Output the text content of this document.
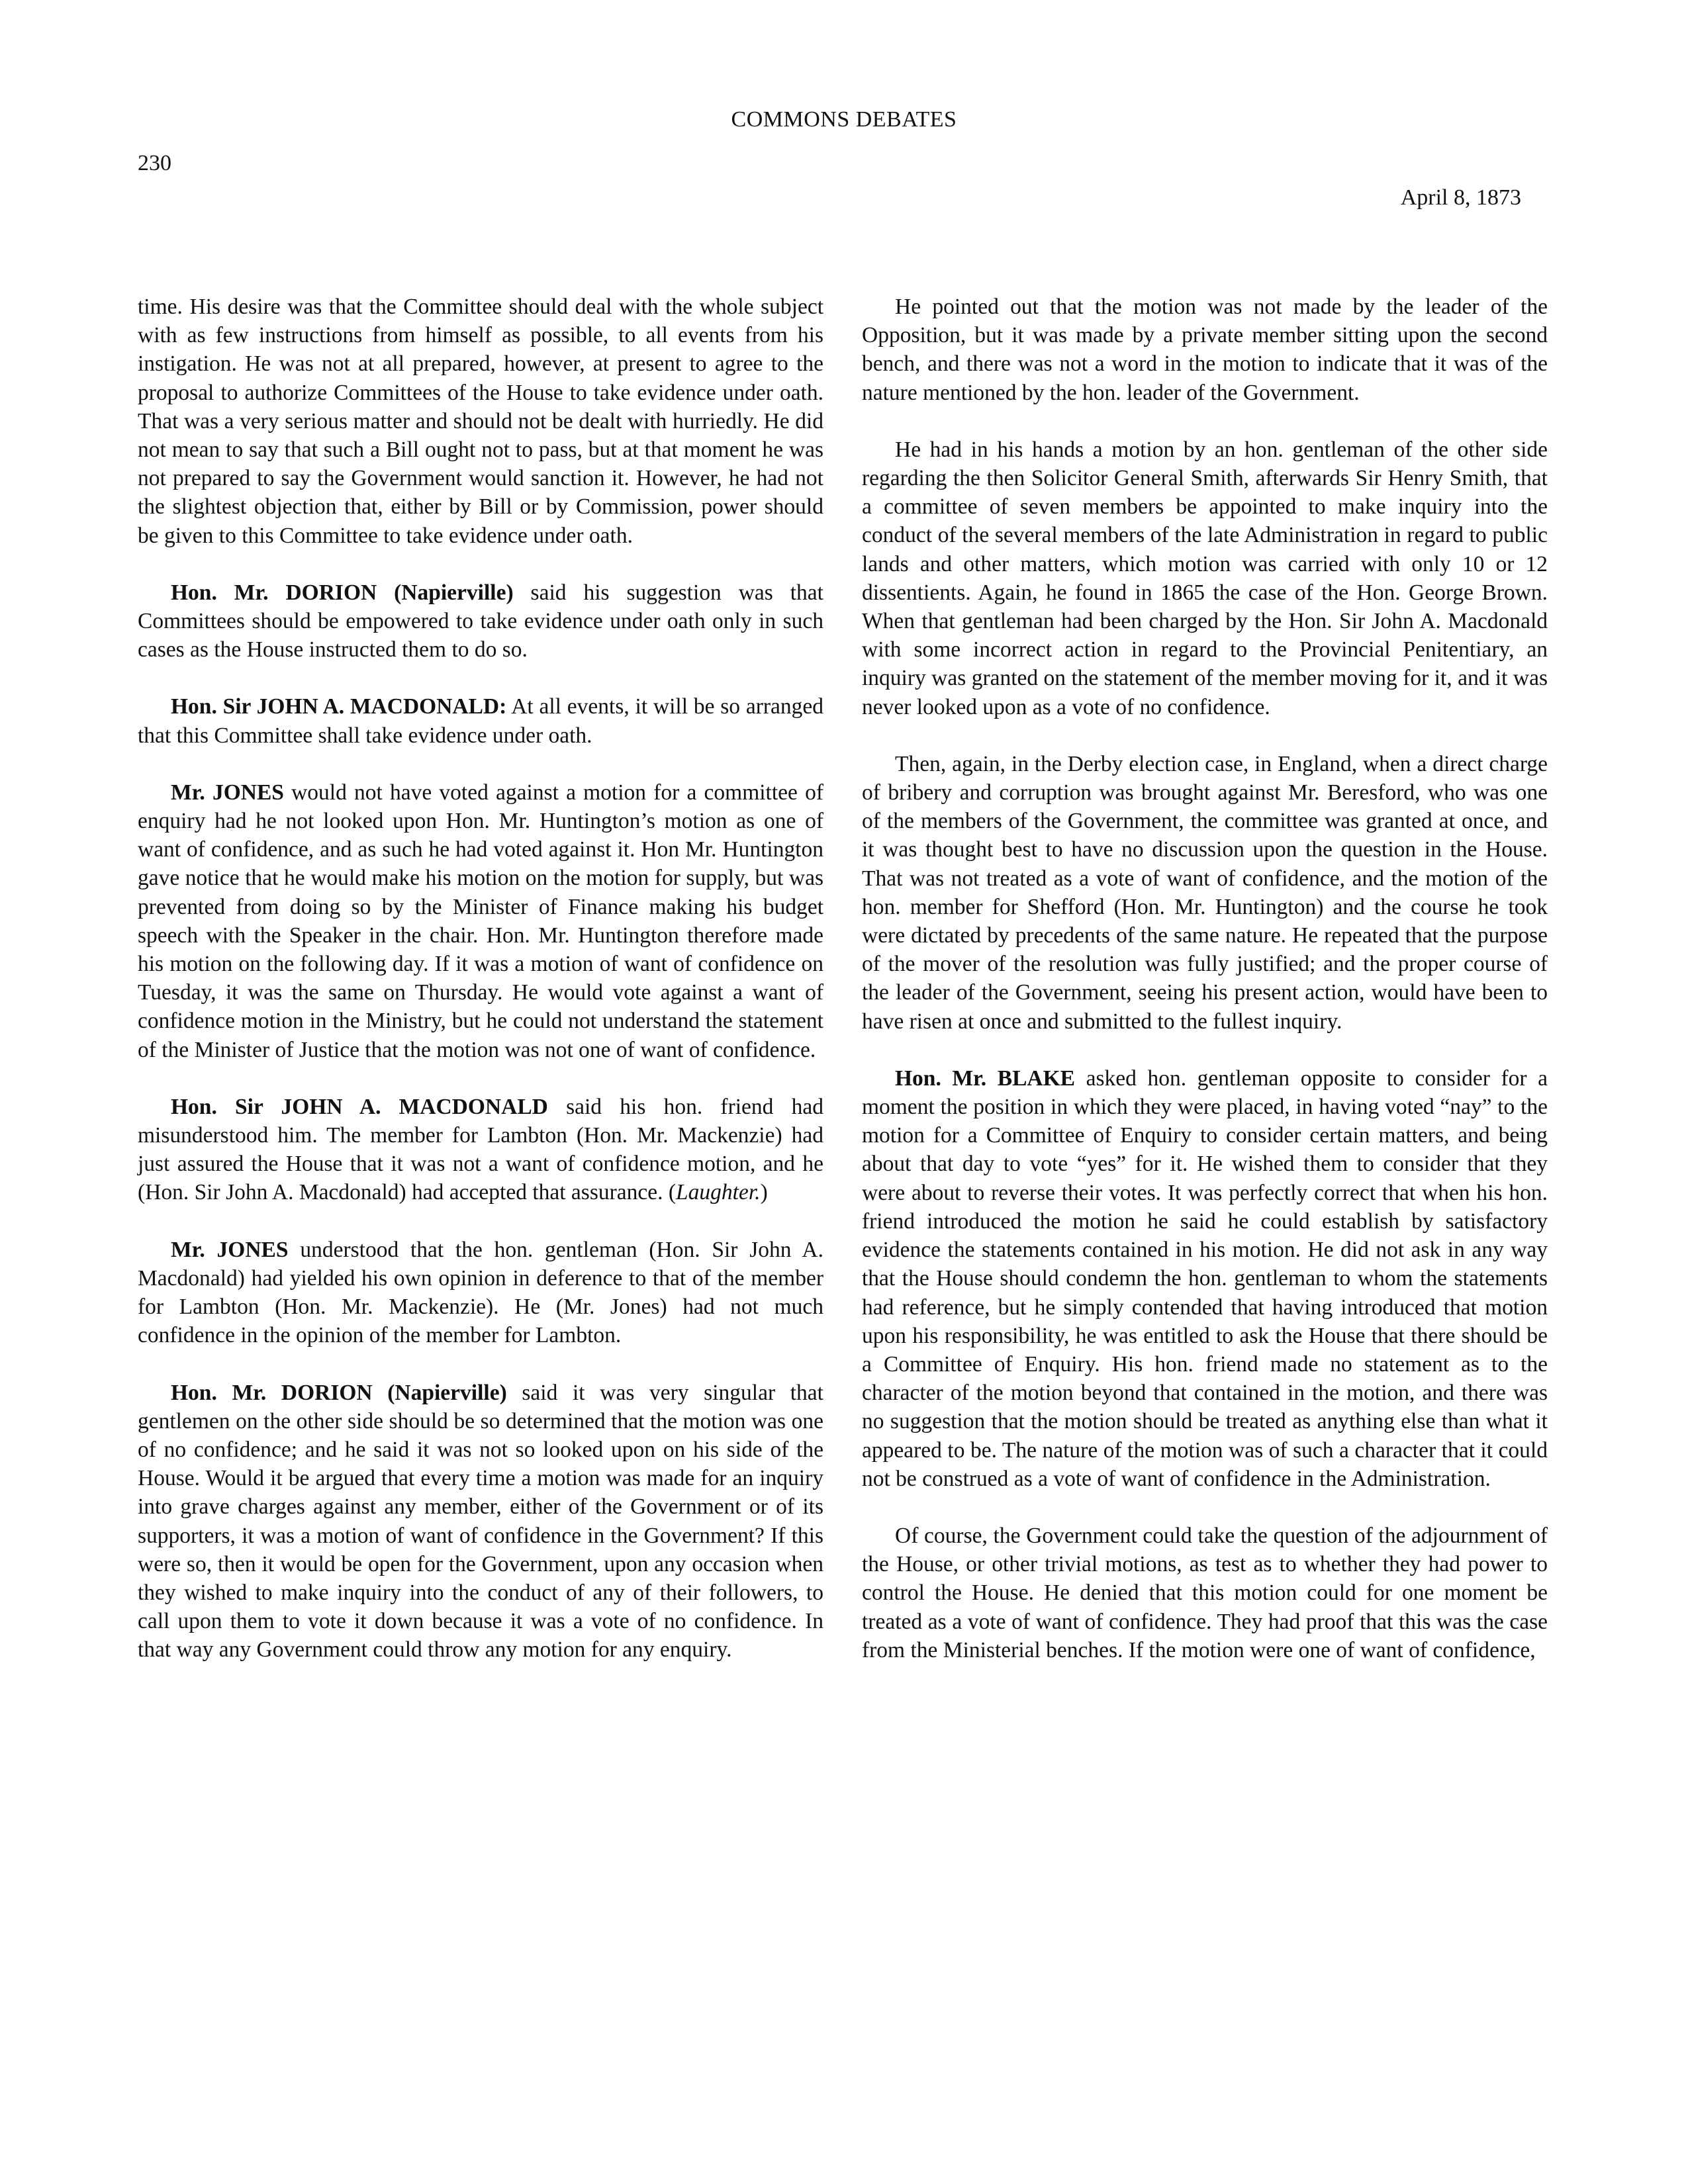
COMMONS DEBATES
230
April 8, 1873

time. His desire was that the Committee should deal with the whole subject with as few instructions from himself as possible, to all events from his instigation. He was not at all prepared, however, at present to agree to the proposal to authorize Committees of the House to take evidence under oath. That was a very serious matter and should not be dealt with hurriedly. He did not mean to say that such a Bill ought not to pass, but at that moment he was not prepared to say the Government would sanction it. However, he had not the slightest objection that, either by Bill or by Commission, power should be given to this Committee to take evidence under oath.

Hon. Mr. DORION (Napierville) said his suggestion was that Committees should be empowered to take evidence under oath only in such cases as the House instructed them to do so.

Hon. Sir JOHN A. MACDONALD: At all events, it will be so arranged that this Committee shall take evidence under oath.

Mr. JONES would not have voted against a motion for a committee of enquiry had he not looked upon Hon. Mr. Huntington’s motion as one of want of confidence, and as such he had voted against it. Hon Mr. Huntington gave notice that he would make his motion on the motion for supply, but was prevented from doing so by the Minister of Finance making his budget speech with the Speaker in the chair. Hon. Mr. Huntington therefore made his motion on the following day. If it was a motion of want of confidence on Tuesday, it was the same on Thursday. He would vote against a want of confidence motion in the Ministry, but he could not understand the statement of the Minister of Justice that the motion was not one of want of confidence.

Hon. Sir JOHN A. MACDONALD said his hon. friend had misunderstood him. The member for Lambton (Hon. Mr. Mackenzie) had just assured the House that it was not a want of confidence motion, and he (Hon. Sir John A. Macdonald) had accepted that assurance. (Laughter.)

Mr. JONES understood that the hon. gentleman (Hon. Sir John A. Macdonald) had yielded his own opinion in deference to that of the member for Lambton (Hon. Mr. Mackenzie). He (Mr. Jones) had not much confidence in the opinion of the member for Lambton.

Hon. Mr. DORION (Napierville) said it was very singular that gentlemen on the other side should be so determined that the motion was one of no confidence; and he said it was not so looked upon on his side of the House. Would it be argued that every time a motion was made for an inquiry into grave charges against any member, either of the Government or of its supporters, it was a motion of want of confidence in the Government? If this were so, then it would be open for the Government, upon any occasion when they wished to make inquiry into the conduct of any of their followers, to call upon them to vote it down because it was a vote of no confidence. In that way any Government could throw any motion for any enquiry.

He pointed out that the motion was not made by the leader of the Opposition, but it was made by a private member sitting upon the second bench, and there was not a word in the motion to indicate that it was of the nature mentioned by the hon. leader of the Government.

He had in his hands a motion by an hon. gentleman of the other side regarding the then Solicitor General Smith, afterwards Sir Henry Smith, that a committee of seven members be appointed to make inquiry into the conduct of the several members of the late Administration in regard to public lands and other matters, which motion was carried with only 10 or 12 dissentients. Again, he found in 1865 the case of the Hon. George Brown. When that gentleman had been charged by the Hon. Sir John A. Macdonald with some incorrect action in regard to the Provincial Penitentiary, an inquiry was granted on the statement of the member moving for it, and it was never looked upon as a vote of no confidence.

Then, again, in the Derby election case, in England, when a direct charge of bribery and corruption was brought against Mr. Beresford, who was one of the members of the Government, the committee was granted at once, and it was thought best to have no discussion upon the question in the House. That was not treated as a vote of want of confidence, and the motion of the hon. member for Shefford (Hon. Mr. Huntington) and the course he took were dictated by precedents of the same nature. He repeated that the purpose of the mover of the resolution was fully justified; and the proper course of the leader of the Government, seeing his present action, would have been to have risen at once and submitted to the fullest inquiry.

Hon. Mr. BLAKE asked hon. gentleman opposite to consider for a moment the position in which they were placed, in having voted “nay” to the motion for a Committee of Enquiry to consider certain matters, and being about that day to vote “yes” for it. He wished them to consider that they were about to reverse their votes. It was perfectly correct that when his hon. friend introduced the motion he said he could establish by satisfactory evidence the statements contained in his motion. He did not ask in any way that the House should condemn the hon. gentleman to whom the statements had reference, but he simply contended that having introduced that motion upon his responsibility, he was entitled to ask the House that there should be a Committee of Enquiry. His hon. friend made no statement as to the character of the motion beyond that contained in the motion, and there was no suggestion that the motion should be treated as anything else than what it appeared to be. The nature of the motion was of such a character that it could not be construed as a vote of want of confidence in the Administration.

Of course, the Government could take the question of the adjournment of the House, or other trivial motions, as test as to whether they had power to control the House. He denied that this motion could for one moment be treated as a vote of want of confidence. They had proof that this was the case from the Ministerial benches. If the motion were one of want of confidence,
